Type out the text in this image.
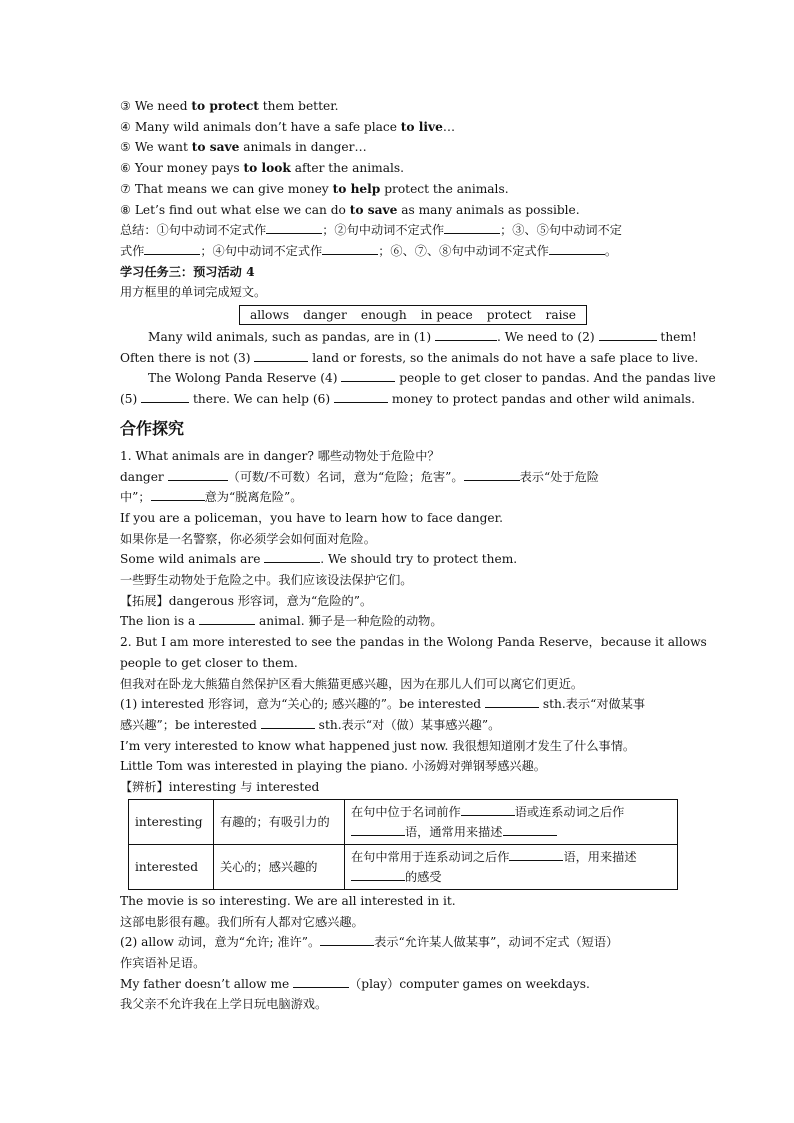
③ We need to protect them better.
④ Many wild animals don’t have a safe place to live…
⑤ We want to save animals in danger…
⑥ Your money pays to look after the animals.
⑦ That means we can give money to help protect the animals.
⑧ Let’s find out what else we can do to save as many animals as possible.
总结：①句中动词不定式作	；②句中动词不定式作	；③、⑤句中动词不定
式作	；④句中动词不定式作	；⑥、⑦、⑧句中动词不定式作	。
学习任务三：预习活动 4
用方框里的单词完成短文。
allows danger enough in peace protect raise
Many wild animals, such as pandas, are in (1)	. We need to (2)	them!
Often there is not (3)	land or forests, so the animals do not have a safe place to live.
The Wolong Panda Reserve (4)	people to get closer to pandas. And the pandas live
(5)	there. We can help (6)	money to protect pandas and other wild animals.
合作探究
1. What animals are in danger? 哪些动物处于危险中？
danger	（可数/不可数）名词，意为“危险；危害”。	表示“处于危险
中”；	意为“脱离危险”。
If you are a policeman，you have to learn how to face danger.
如果你是一名警察，你必须学会如何面对危险。
Some wild animals are	. We should try to protect them.
一些野生动物处于危险之中。我们应该设法保护它们。
【拓展】dangerous 形容词，意为“危险的”。
The lion is a	animal. 狮子是一种危险的动物。
2. But I am more interested to see the pandas in the Wolong Panda Reserve，because it allows
people to get closer to them.
但我对在卧龙大熊猫自然保护区看大熊猫更感兴趣，因为在那儿人们可以离它们更近。
(1) interested 形容词，意为“关心的; 感兴趣的”。be interested	sth.表示“对做某事
感兴趣”；be interested	sth.表示“对（做）某事感兴趣”。
I’m very interested to know what happened just now. 我很想知道刚才发生了什么事情。
Little Tom was interested in playing the piano. 小汤姆对弹钢琴感兴趣。
【辨析】interesting 与 interested
interesting	有趣的；有吸引力的	在句中位于名词前作 语或连系动词之后作
语，通常用来描述
interested	关心的；感兴趣的	在句中常用于连系动词之后作 语，用来描述
的感受
The movie is so interesting. We are all interested in it.
这部电影很有趣。我们所有人都对它感兴趣。
(2) allow 动词，意为“允许; 准许”。	表示“允许某人做某事”，动词不定式（短语）
作宾语补足语。
My father doesn’t allow me	（play）computer games on weekdays.
我父亲不允许我在上学日玩电脑游戏。
